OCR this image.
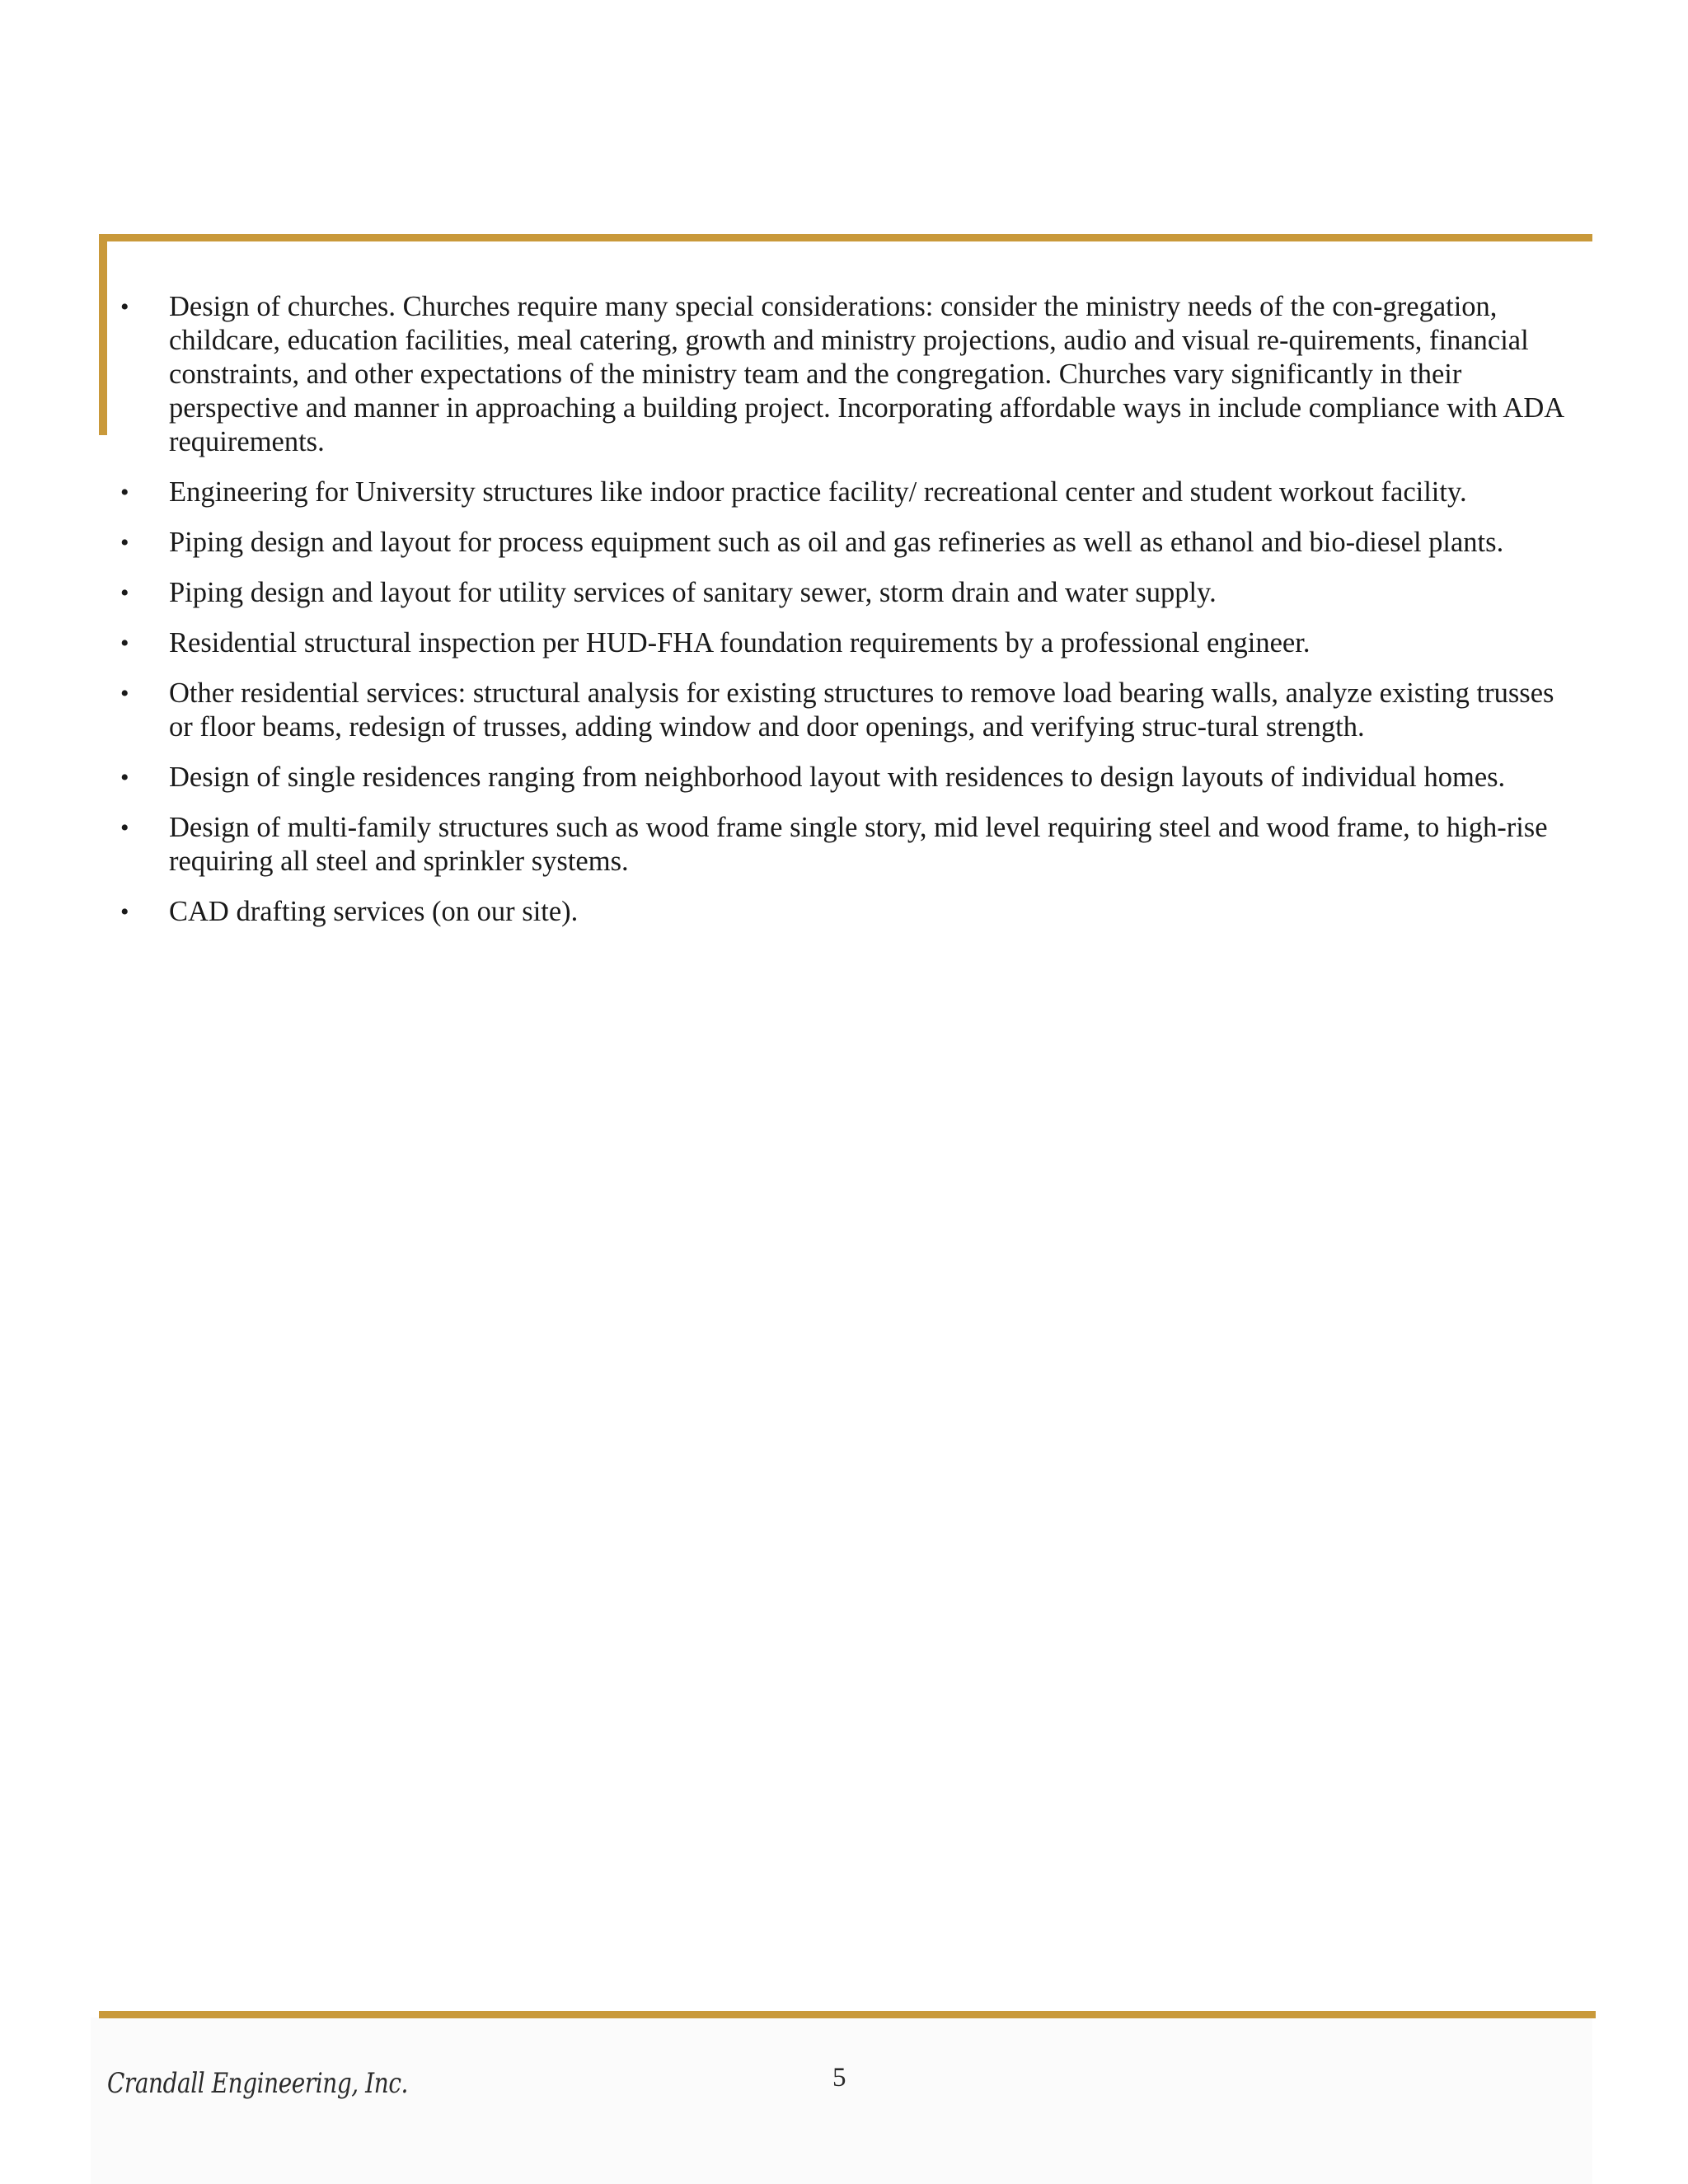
• Design of churches. Churches require many special considerations: consider the ministry needs of the con-gregation, childcare, education facilities, meal catering, growth and ministry projections, audio and visual re-quirements, financial constraints, and other expectations of the ministry team and the congregation. Churches vary significantly in their perspective and manner in approaching a building project. Incorporating affordable ways in include compliance with ADA requirements.
• Engineering for University structures like indoor practice facility/ recreational center and student workout facility.
• Piping design and layout for process equipment such as oil and gas refineries as well as ethanol and bio-diesel plants.
• Piping design and layout for utility services of sanitary sewer, storm drain and water supply.
• Residential structural inspection per HUD-FHA foundation requirements by a professional engineer.
• Other residential services: structural analysis for existing structures to remove load bearing walls, analyze existing trusses or floor beams, redesign of trusses, adding window and door openings, and verifying struc-tural strength.
• Design of single residences ranging from neighborhood layout with residences to design layouts of individual homes.
• Design of multi-family structures such as wood frame single story, mid level requiring steel and wood frame, to high-rise requiring all steel and sprinkler systems.
• CAD drafting services (on our site).
Crandall Engineering, Inc.	5
